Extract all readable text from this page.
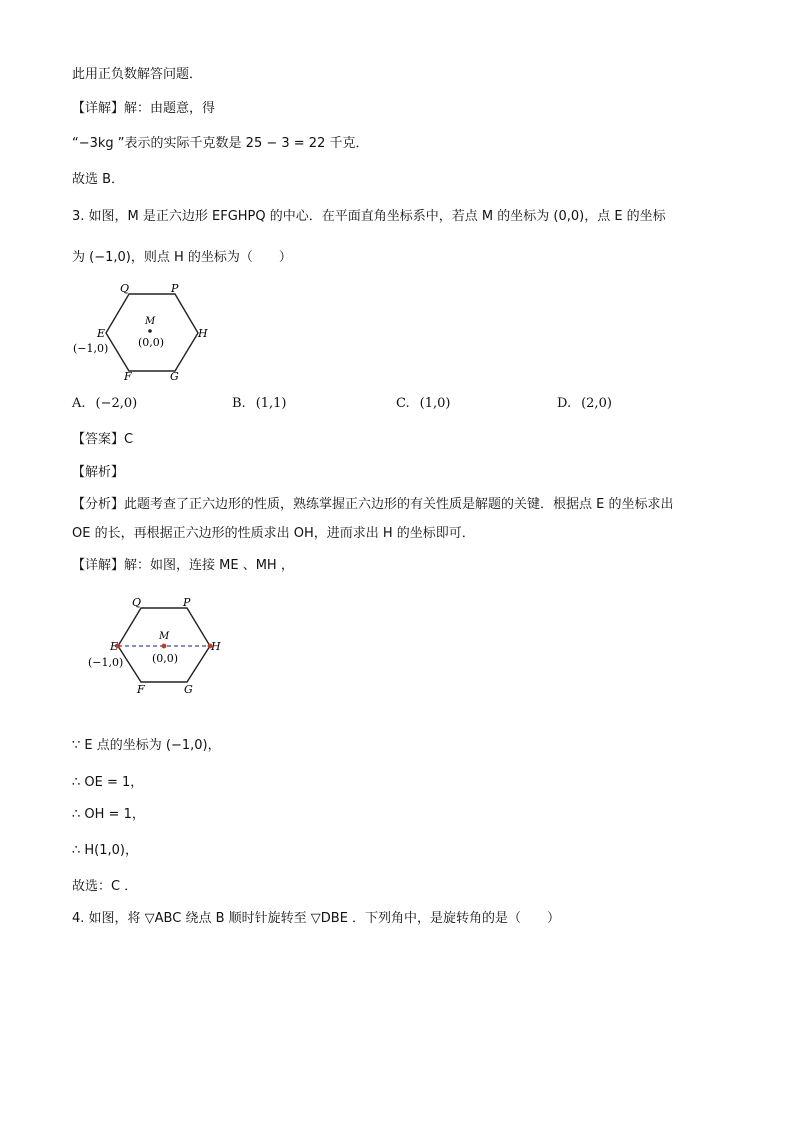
此用正负数解答问题．
【详解】解：由题意，得
“−3kg ”表示的实际千克数是 25 − 3 = 22 千克．
故选 B．
3. 如图，M 是正六边形 EFGHPQ 的中心．在平面直角坐标系中，若点 M 的坐标为 (0,0)，点 E 的坐标
为 (−1,0)，则点 H 的坐标为（　　）
Q	P
H
G
F
E
M
(0,0)
(−1,0)
A. (−2,0)	B. (1,1)	C. (1,0)	D. (2,0)
【答案】C
【解析】
【分析】此题考查了正六边形的性质，熟练掌握正六边形的有关性质是解题的关键．根据点 E 的坐标求出
OE 的长，再根据正六边形的性质求出 OH，进而求出 H 的坐标即可．
【详解】解：如图，连接 ME 、MH ，
Q	P
H
G
F
E
M
(0,0)
(−1,0)
∵ E 点的坐标为 (−1,0)，
∴ OE = 1，
∴ OH = 1，
∴ H(1,0)，
故选：C ．
4. 如图，将 ▽ABC 绕点 B 顺时针旋转至 ▽DBE ．下列角中，是旋转角的是（　　）
